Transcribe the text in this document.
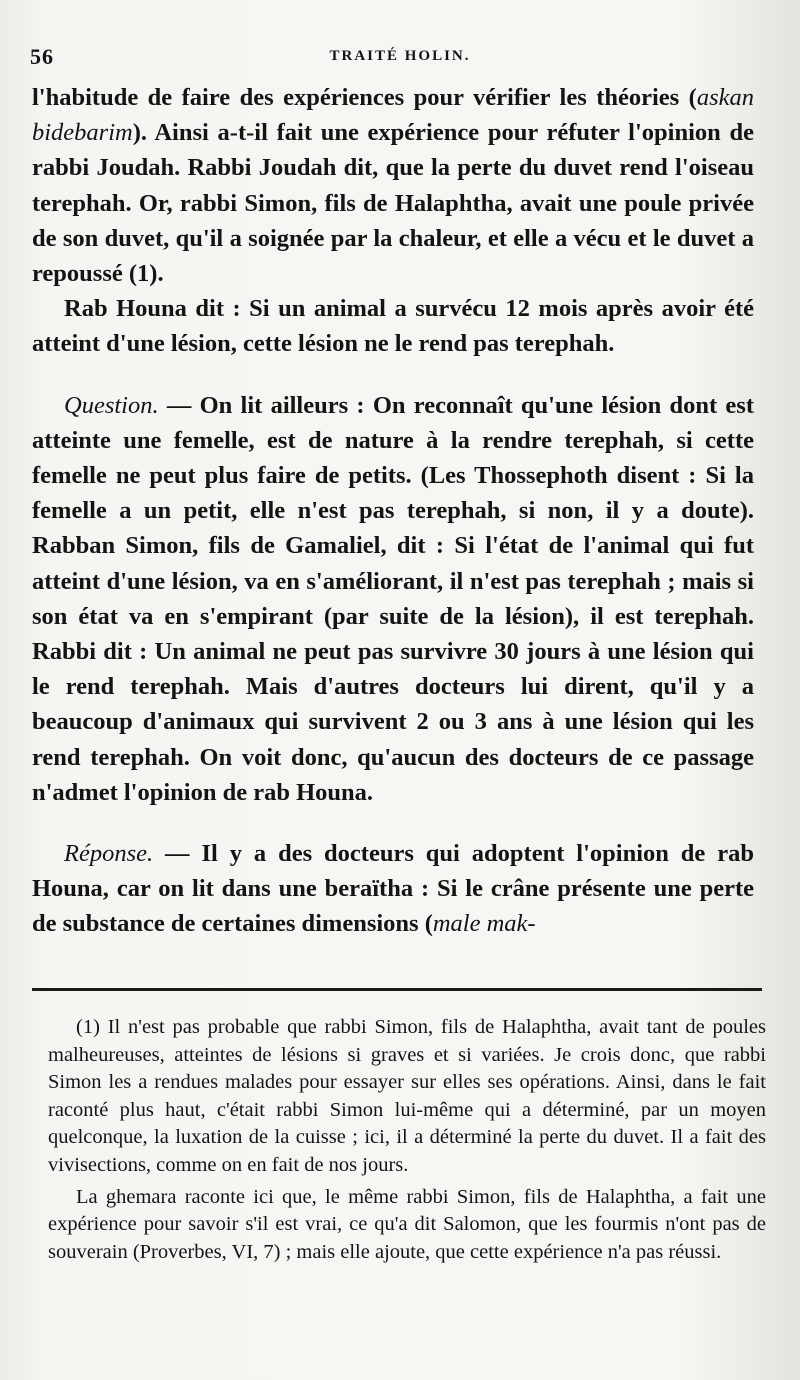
56	TRAITÉ HOLIN.

l'habitude de faire des expériences pour vérifier les théories (askan bidebarim). Ainsi a-t-il fait une expérience pour réfuter l'opinion de rabbi Joudah. Rabbi Joudah dit, que la perte du duvet rend l'oiseau terephah. Or, rabbi Simon, fils de Halaphtha, avait une poule privée de son duvet, qu'il a soignée par la chaleur, et elle a vécu et le duvet a repoussé (1).

Rab Houna dit : Si un animal a survécu 12 mois après avoir été atteint d'une lésion, cette lésion ne le rend pas terephah.

Question. — On lit ailleurs : On reconnaît qu'une lésion dont est atteinte une femelle, est de nature à la rendre terephah, si cette femelle ne peut plus faire de petits. (Les Thossephoth disent : Si la femelle a un petit, elle n'est pas terephah, si non, il y a doute). Rabban Simon, fils de Gamaliel, dit : Si l'état de l'animal qui fut atteint d'une lésion, va en s'améliorant, il n'est pas terephah ; mais si son état va en s'empirant (par suite de la lésion), il est terephah. Rabbi dit : Un animal ne peut pas survivre 30 jours à une lésion qui le rend terephah. Mais d'autres docteurs lui dirent, qu'il y a beaucoup d'animaux qui survivent 2 ou 3 ans à une lésion qui les rend terephah. On voit donc, qu'aucun des docteurs de ce passage n'admet l'opinion de rab Houna.

Réponse. — Il y a des docteurs qui adoptent l'opinion de rab Houna, car on lit dans une beraïtha : Si le crâne présente une perte de substance de certaines dimensions (male mak-

(1) Il n'est pas probable que rabbi Simon, fils de Halaphtha, avait tant de poules malheureuses, atteintes de lésions si graves et si variées. Je crois donc, que rabbi Simon les a rendues malades pour essayer sur elles ses opérations. Ainsi, dans le fait raconté plus haut, c'était rabbi Simon lui-même qui a déterminé, par un moyen quelconque, la luxation de la cuisse ; ici, il a déterminé la perte du duvet. Il a fait des vivisections, comme on en fait de nos jours.

La ghemara raconte ici que, le même rabbi Simon, fils de Halaphtha, a fait une expérience pour savoir s'il est vrai, ce qu'a dit Salomon, que les fourmis n'ont pas de souverain (Proverbes, VI, 7) ; mais elle ajoute, que cette expérience n'a pas réussi.
